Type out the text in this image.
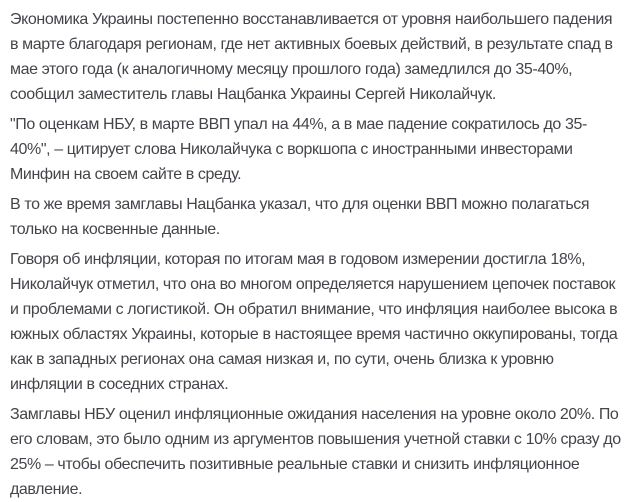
Экономика Украины постепенно восстанавливается от уровня наибольшего падения в марте благодаря регионам, где нет активных боевых действий, в результате спад в мае этого года (к аналогичному месяцу прошлого года) замедлился до 35-40%, сообщил заместитель главы Нацбанка Украины Сергей Николайчук.

"По оценкам НБУ, в марте ВВП упал на 44%, а в мае падение сократилось до 35-40%", – цитирует слова Николайчука с воркшопа с иностранными инвесторами Минфин на своем сайте в среду.

В то же время замглавы Нацбанка указал, что для оценки ВВП можно полагаться только на косвенные данные.

Говоря об инфляции, которая по итогам мая в годовом измерении достигла 18%, Николайчук отметил, что она во многом определяется нарушением цепочек поставок и проблемами с логистикой. Он обратил внимание, что инфляция наиболее высока в южных областях Украины, которые в настоящее время частично оккупированы, тогда как в западных регионах она самая низкая и, по сути, очень близка к уровню инфляции в соседних странах.

Замглавы НБУ оценил инфляционные ожидания населения на уровне около 20%. По его словам, это было одним из аргументов повышения учетной ставки с 10% сразу до 25% – чтобы обеспечить позитивные реальные ставки и снизить инфляционное давление.
